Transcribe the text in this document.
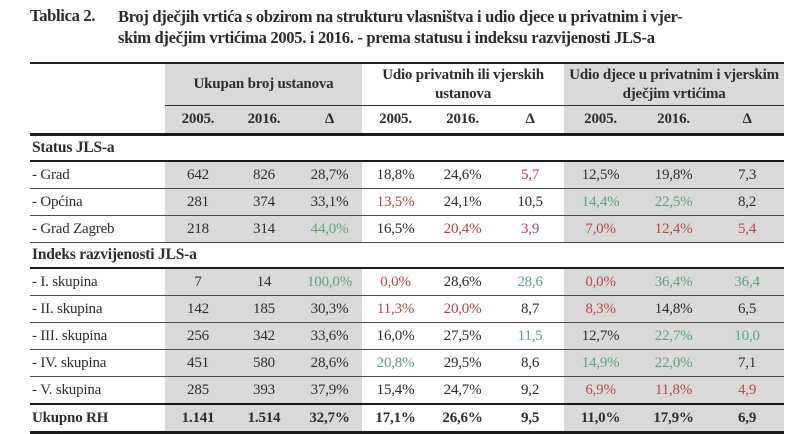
Tablica 2.	Broj dječjih vrtića s obzirom na strukturu vlasništva i udio djece u privatnim i vjer-
skim dječjim vrtićima 2005. i 2016. - prema statusu i indeksu razvijenosti JLS-a
	Ukupan broj ustanova			Udio privatnih ili vjerskih ustanova			Udio djece u privatnim i vjerskim dječjim vrtićima		
	2005.	2016.	Δ	2005.	2016.	Δ	2005.	2016.	Δ
Status JLS-a									
- Grad	642	826	28,7%	18,8%	24,6%	5,7	12,5%	19,8%	7,3
- Općina	281	374	33,1%	13,5%	24,1%	10,5	14,4%	22,5%	8,2
- Grad Zagreb	218	314	44,0%	16,5%	20,4%	3,9	7,0%	12,4%	5,4
Indeks razvijenosti JLS-a									
- I. skupina	7	14	100,0%	0,0%	28,6%	28,6	0,0%	36,4%	36,4
- II. skupina	142	185	30,3%	11,3%	20,0%	8,7	8,3%	14,8%	6,5
- III. skupina	256	342	33,6%	16,0%	27,5%	11,5	12,7%	22,7%	10,0
- IV. skupina	451	580	28,6%	20,8%	29,5%	8,6	14,9%	22,0%	7,1
- V. skupina	285	393	37,9%	15,4%	24,7%	9,2	6,9%	11,8%	4,9
Ukupno RH	1.141	1.514	32,7%	17,1%	26,6%	9,5	11,0%	17,9%	6,9
